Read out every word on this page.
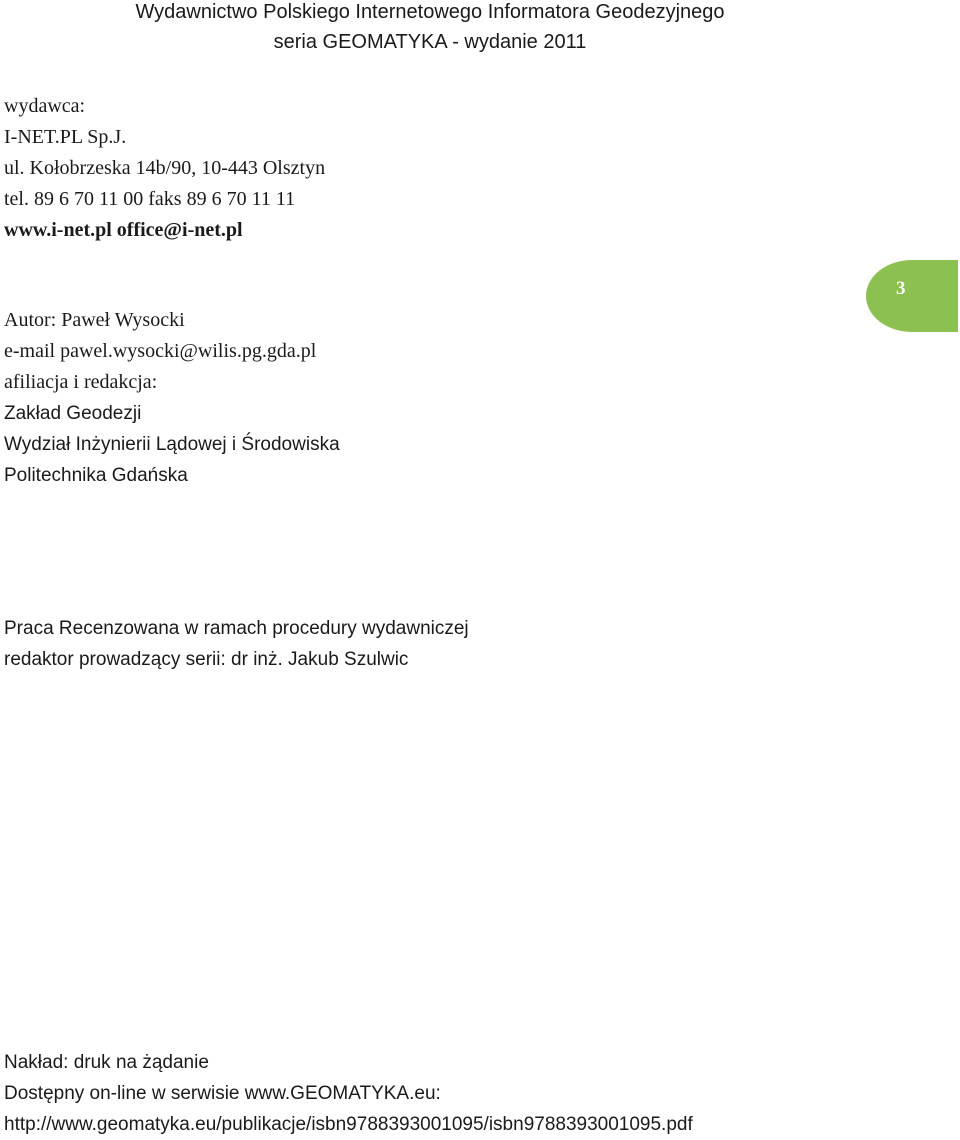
Wydawnictwo Polskiego Internetowego Informatora Geodezyjnego
seria GEOMATYKA - wydanie 2011
wydawca:
I-NET.PL Sp.J.
ul. Kołobrzeska 14b/90, 10-443 Olsztyn
tel. 89 6 70 11 00 faks 89 6 70 11 11
www.i-net.pl office@i-net.pl
Autor: Paweł Wysocki
e-mail pawel.wysocki@wilis.pg.gda.pl
afiliacja i redakcja:
Zakład Geodezji
Wydział Inżynierii Lądowej i Środowiska
Politechnika Gdańska
3
Praca Recenzowana w ramach procedury wydawniczej
redaktor prowadzący serii: dr inż. Jakub Szulwic
Nakład: druk na żądanie
Dostępny on-line w serwisie www.GEOMATYKA.eu:
http://www.geomatyka.eu/publikacje/isbn9788393001095/isbn9788393001095.pdf
